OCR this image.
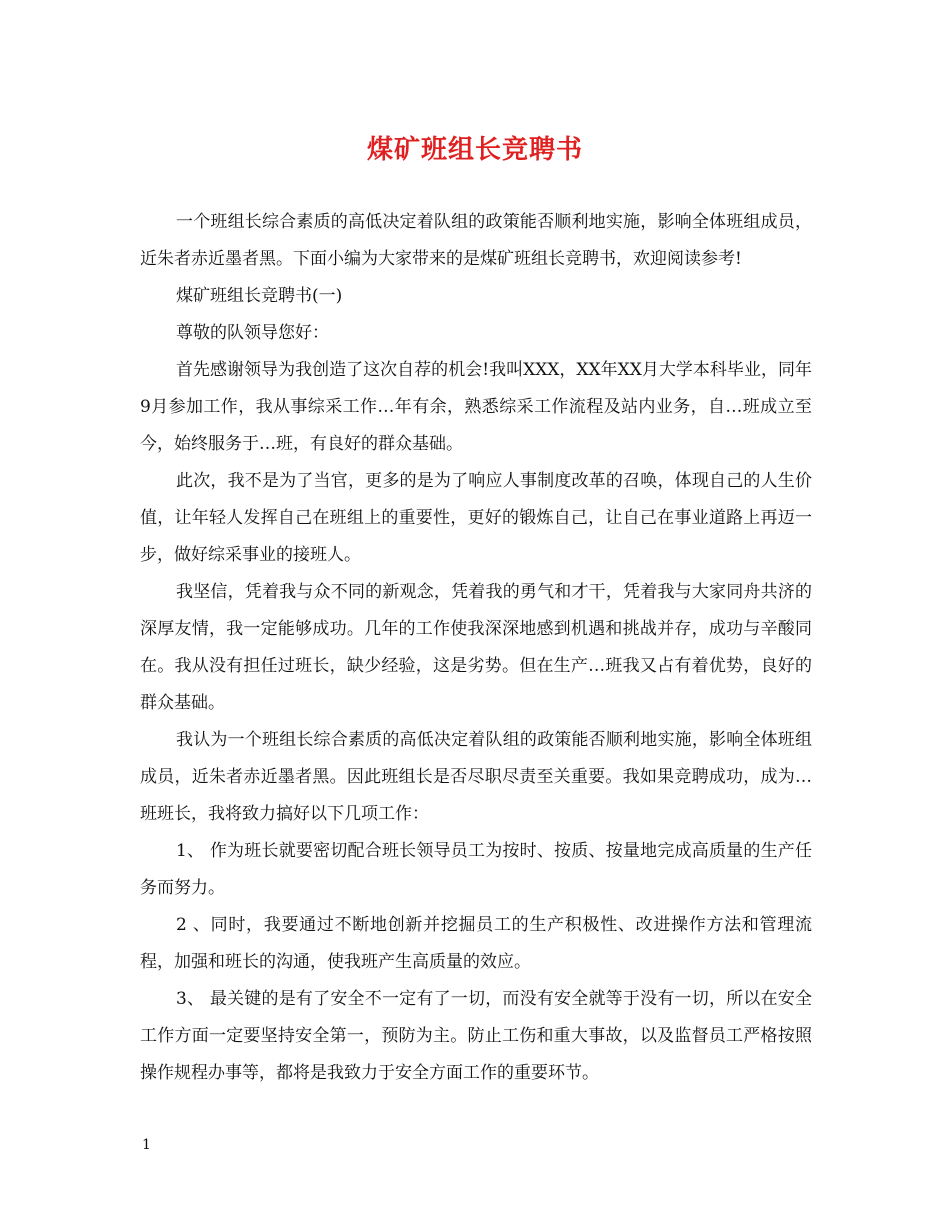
煤矿班组长竞聘书

一个班组长综合素质的高低决定着队组的政策能否顺利地实施，影响全体班组成员，近朱者赤近墨者黑。下面小编为大家带来的是煤矿班组长竞聘书，欢迎阅读参考!

煤矿班组长竞聘书(一)

尊敬的队领导您好：

首先感谢领导为我创造了这次自荐的机会!我叫XXX，XX年XX月大学本科毕业，同年9月参加工作，我从事综采工作…年有余，熟悉综采工作流程及站内业务，自…班成立至今，始终服务于…班，有良好的群众基础。

此次，我不是为了当官，更多的是为了响应人事制度改革的召唤，体现自己的人生价值，让年轻人发挥自己在班组上的重要性，更好的锻炼自己，让自己在事业道路上再迈一步，做好综采事业的接班人。

我坚信，凭着我与众不同的新观念，凭着我的勇气和才干，凭着我与大家同舟共济的深厚友情，我一定能够成功。几年的工作使我深深地感到机遇和挑战并存，成功与辛酸同在。我从没有担任过班长，缺少经验，这是劣势。但在生产…班我又占有着优势，良好的群众基础。

我认为一个班组长综合素质的高低决定着队组的政策能否顺利地实施，影响全体班组成员，近朱者赤近墨者黑。因此班组长是否尽职尽责至关重要。我如果竞聘成功，成为…班班长，我将致力搞好以下几项工作：

1、 作为班长就要密切配合班长领导员工为按时、按质、按量地完成高质量的生产任务而努力。

2 、同时，我要通过不断地创新并挖掘员工的生产积极性、改进操作方法和管理流程，加强和班长的沟通，使我班产生高质量的效应。

3、 最关键的是有了安全不一定有了一切，而没有安全就等于没有一切，所以在安全工作方面一定要坚持安全第一，预防为主。防止工伤和重大事故，以及监督员工严格按照操作规程办事等，都将是我致力于安全方面工作的重要环节。

1
